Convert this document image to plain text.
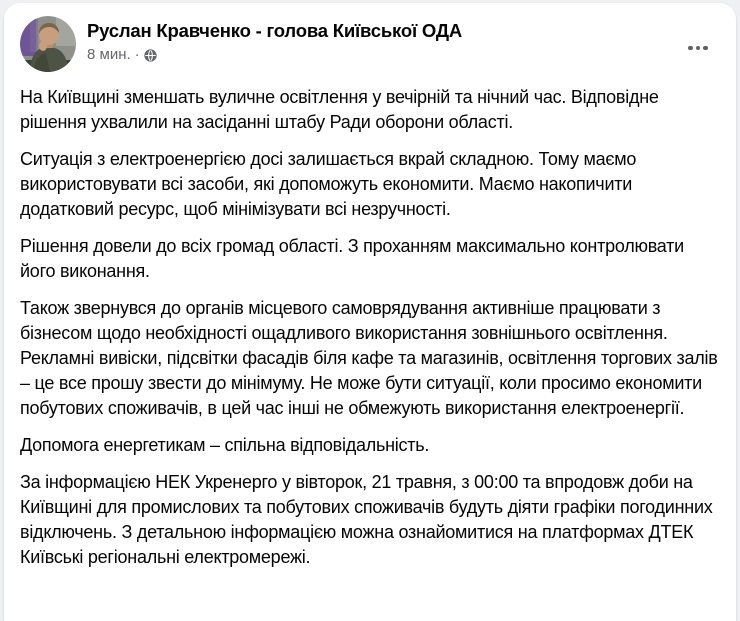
Руслан Кравченко - голова Київської ОДА
8 мин. ·

На Київщині зменшать вуличне освітлення у вечірній та нічний час. Відповідне рішення ухвалили на засіданні штабу Ради оборони області.

Ситуація з електроенергією досі залишається вкрай складною. Тому маємо використовувати всі засоби, які допоможуть економити. Маємо накопичити додатковий ресурс, щоб мінімізувати всі незручності.

Рішення довели до всіх громад області. З проханням максимально контролювати його виконання.

Також звернувся до органів місцевого самоврядування активніше працювати з бізнесом щодо необхідності ощадливого використання зовнішнього освітлення. Рекламні вивіски, підсвітки фасадів біля кафе та магазинів, освітлення торгових залів – це все прошу звести до мінімуму. Не може бути ситуації, коли просимо економити побутових споживачів, в цей час інші не обмежують використання електроенергії.

Допомога енергетикам – спільна відповідальність.

За інформацією НЕК Укренерго у вівторок, 21 травня, з 00:00 та впродовж доби на Київщині для промислових та побутових споживачів будуть діяти графіки погодинних відключень. З детальною інформацією можна ознайомитися на платформах ДТЕК Київські регіональні електромережі.
